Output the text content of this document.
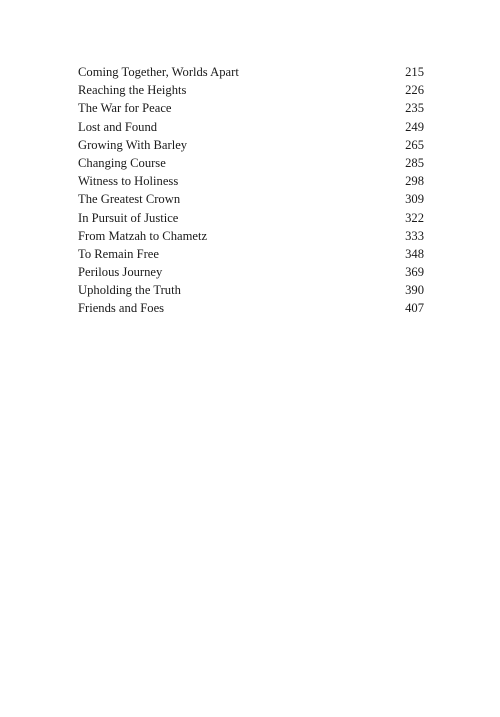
Coming Together, Worlds Apart	215
Reaching the Heights	226
The War for Peace	235
Lost and Found	249
Growing With Barley	265
Changing Course	285
Witness to Holiness	298
The Greatest Crown	309
In Pursuit of Justice	322
From Matzah to Chametz	333
To Remain Free	348
Perilous Journey	369
Upholding the Truth	390
Friends and Foes	407
